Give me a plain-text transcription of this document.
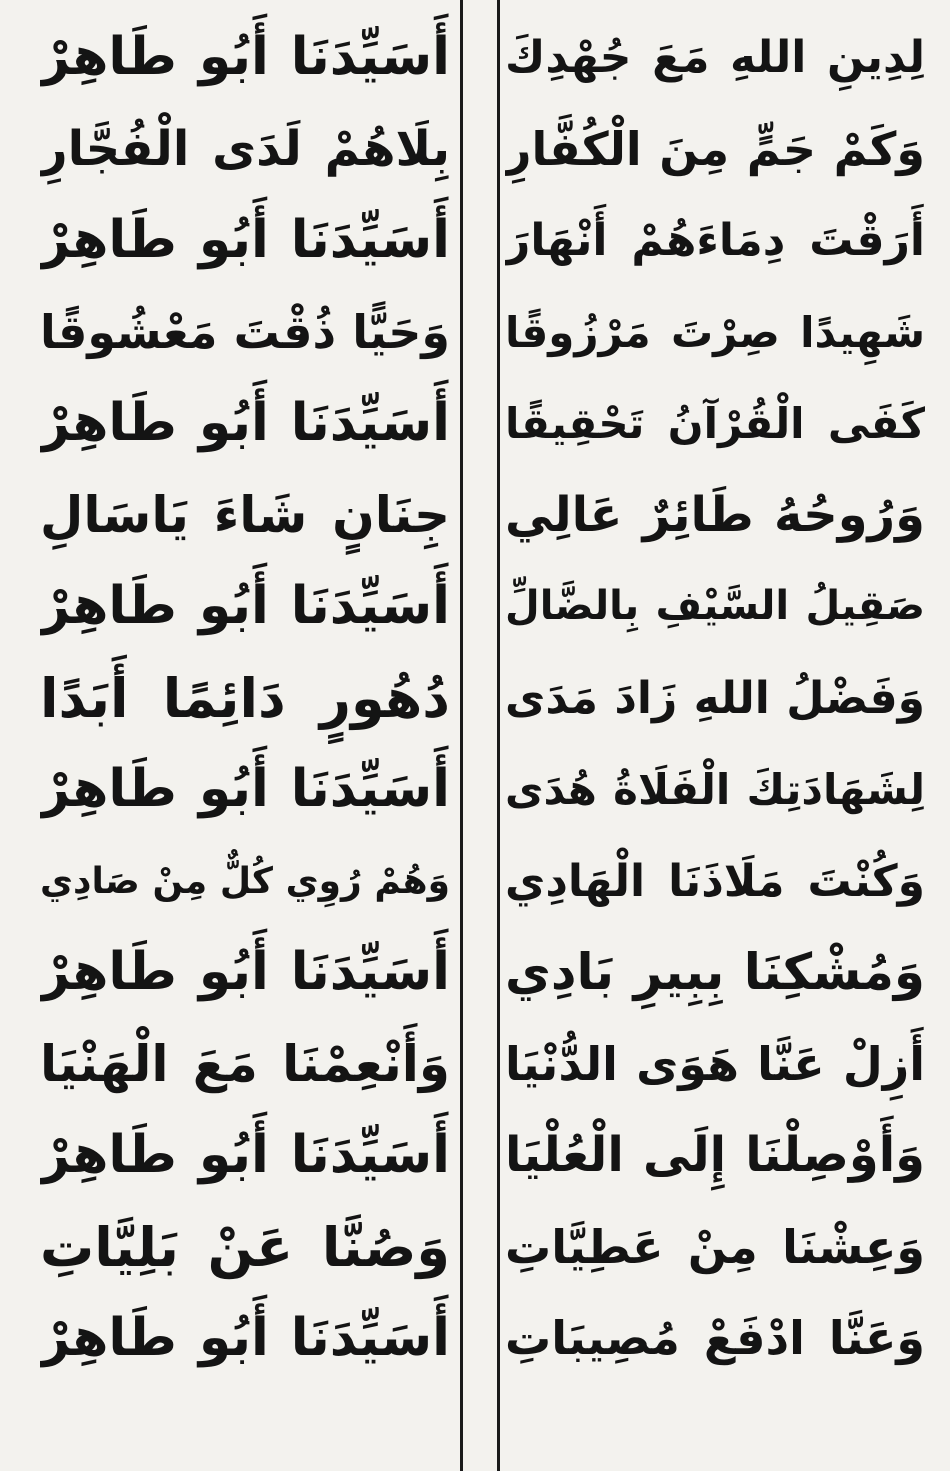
لِدِينِ اللهِ مَعَ جُهْدِكَ
وَكَمْ جَمٍّ مِنَ الْكُفَّارِ
أَرَقْتَ دِمَاءَهُمْ أَنْهَارَ
شَهِيدًا صِرْتَ مَرْزُوقًا
كَفَى الْقُرْآنُ تَحْقِيقًا
وَرُوحُهُ طَائِرٌ عَالِي
صَقِيلُ السَّيْفِ بِالضَّالِّ
وَفَضْلُ اللهِ زَادَ مَدَى
لِشَهَادَتِكَ الْفَلَاةُ هُدَى
وَكُنْتَ مَلَاذَنَا الْهَادِي
وَمُشْكِنَا بِبِيرِ بَادِي
أَزِلْ عَنَّا هَوَى الدُّنْيَا
وَأَوْصِلْنَا إِلَى الْعُلْيَا
وَعِشْنَا مِنْ عَطِيَّاتِ
وَعَنَّا ادْفَعْ مُصِيبَاتِ
أَسَيِّدَنَا أَبُو طَاهِرْ
بِلَاهُمْ لَدَى الْفُجَّارِ
أَسَيِّدَنَا أَبُو طَاهِرْ
وَحَيًّا ذُقْتَ مَعْشُوقًا
أَسَيِّدَنَا أَبُو طَاهِرْ
جِنَانٍ شَاءَ يَاسَالِ
أَسَيِّدَنَا أَبُو طَاهِرْ
دُهُورٍ دَائِمًا أَبَدًا
أَسَيِّدَنَا أَبُو طَاهِرْ
وَهُمْ رُوِي كُلٌّ مِنْ صَادِي
أَسَيِّدَنَا أَبُو طَاهِرْ
وَأَنْعِمْنَا مَعَ الْهَنْيَا
أَسَيِّدَنَا أَبُو طَاهِرْ
وَصُنَّا عَنْ بَلِيَّاتِ
أَسَيِّدَنَا أَبُو طَاهِرْ
